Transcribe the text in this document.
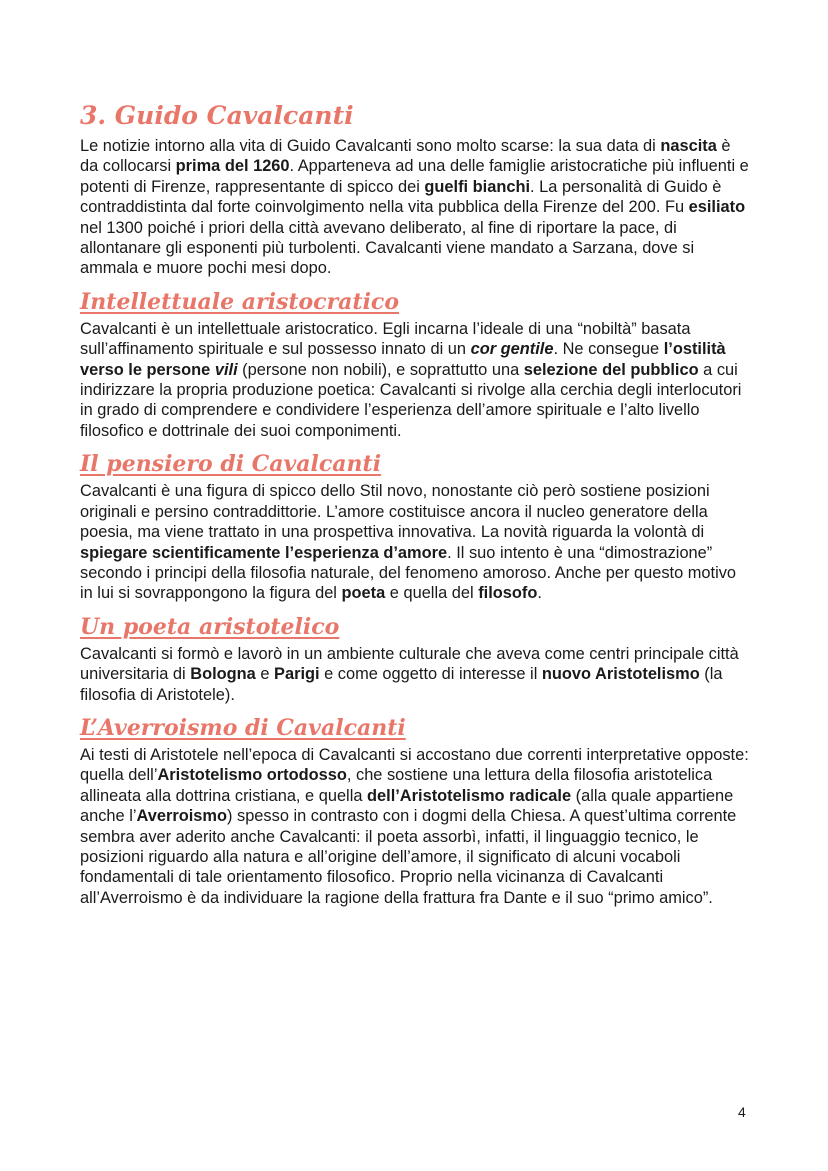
3. Guido Cavalcanti

Le notizie intorno alla vita di Guido Cavalcanti sono molto scarse: la sua data di nascita è da collocarsi prima del 1260. Apparteneva ad una delle famiglie aristocratiche più influenti e potenti di Firenze, rappresentante di spicco dei guelfi bianchi. La personalità di Guido è contraddistinta dal forte coinvolgimento nella vita pubblica della Firenze del 200. Fu esiliato nel 1300 poiché i priori della città avevano deliberato, al fine di riportare la pace, di allontanare gli esponenti più turbolenti. Cavalcanti viene mandato a Sarzana, dove si ammala e muore pochi mesi dopo.

Intellettuale aristocratico

Cavalcanti è un intellettuale aristocratico. Egli incarna l’ideale di una “nobiltà” basata sull’affinamento spirituale e sul possesso innato di un cor gentile. Ne consegue l’ostilità verso le persone vili (persone non nobili), e soprattutto una selezione del pubblico a cui indirizzare la propria produzione poetica: Cavalcanti si rivolge alla cerchia degli interlocutori in grado di comprendere e condividere l’esperienza dell’amore spirituale e l’alto livello filosofico e dottrinale dei suoi componimenti.

Il pensiero di Cavalcanti

Cavalcanti è una figura di spicco dello Stil novo, nonostante ciò però sostiene posizioni originali e persino contraddittorie. L’amore costituisce ancora il nucleo generatore della poesia, ma viene trattato in una prospettiva innovativa. La novità riguarda la volontà di spiegare scientificamente l’esperienza d’amore. Il suo intento è una “dimostrazione” secondo i principi della filosofia naturale, del fenomeno amoroso. Anche per questo motivo in lui si sovrappongono la figura del poeta e quella del filosofo.

Un poeta aristotelico

Cavalcanti si formò e lavorò in un ambiente culturale che aveva come centri principale città universitaria di Bologna e Parigi e come oggetto di interesse il nuovo Aristotelismo (la filosofia di Aristotele).

L’Averroismo di Cavalcanti

Ai testi di Aristotele nell’epoca di Cavalcanti si accostano due correnti interpretative opposte: quella dell’Aristotelismo ortodosso, che sostiene una lettura della filosofia aristotelica allineata alla dottrina cristiana, e quella dell’Aristotelismo radicale (alla quale appartiene anche l’Averroismo) spesso in contrasto con i dogmi della Chiesa. A quest’ultima corrente sembra aver aderito anche Cavalcanti: il poeta assorbì, infatti, il linguaggio tecnico, le posizioni riguardo alla natura e all’origine dell’amore, il significato di alcuni vocaboli fondamentali di tale orientamento filosofico. Proprio nella vicinanza di Cavalcanti all’Averroismo è da individuare la ragione della frattura fra Dante e il suo “primo amico”.

4
